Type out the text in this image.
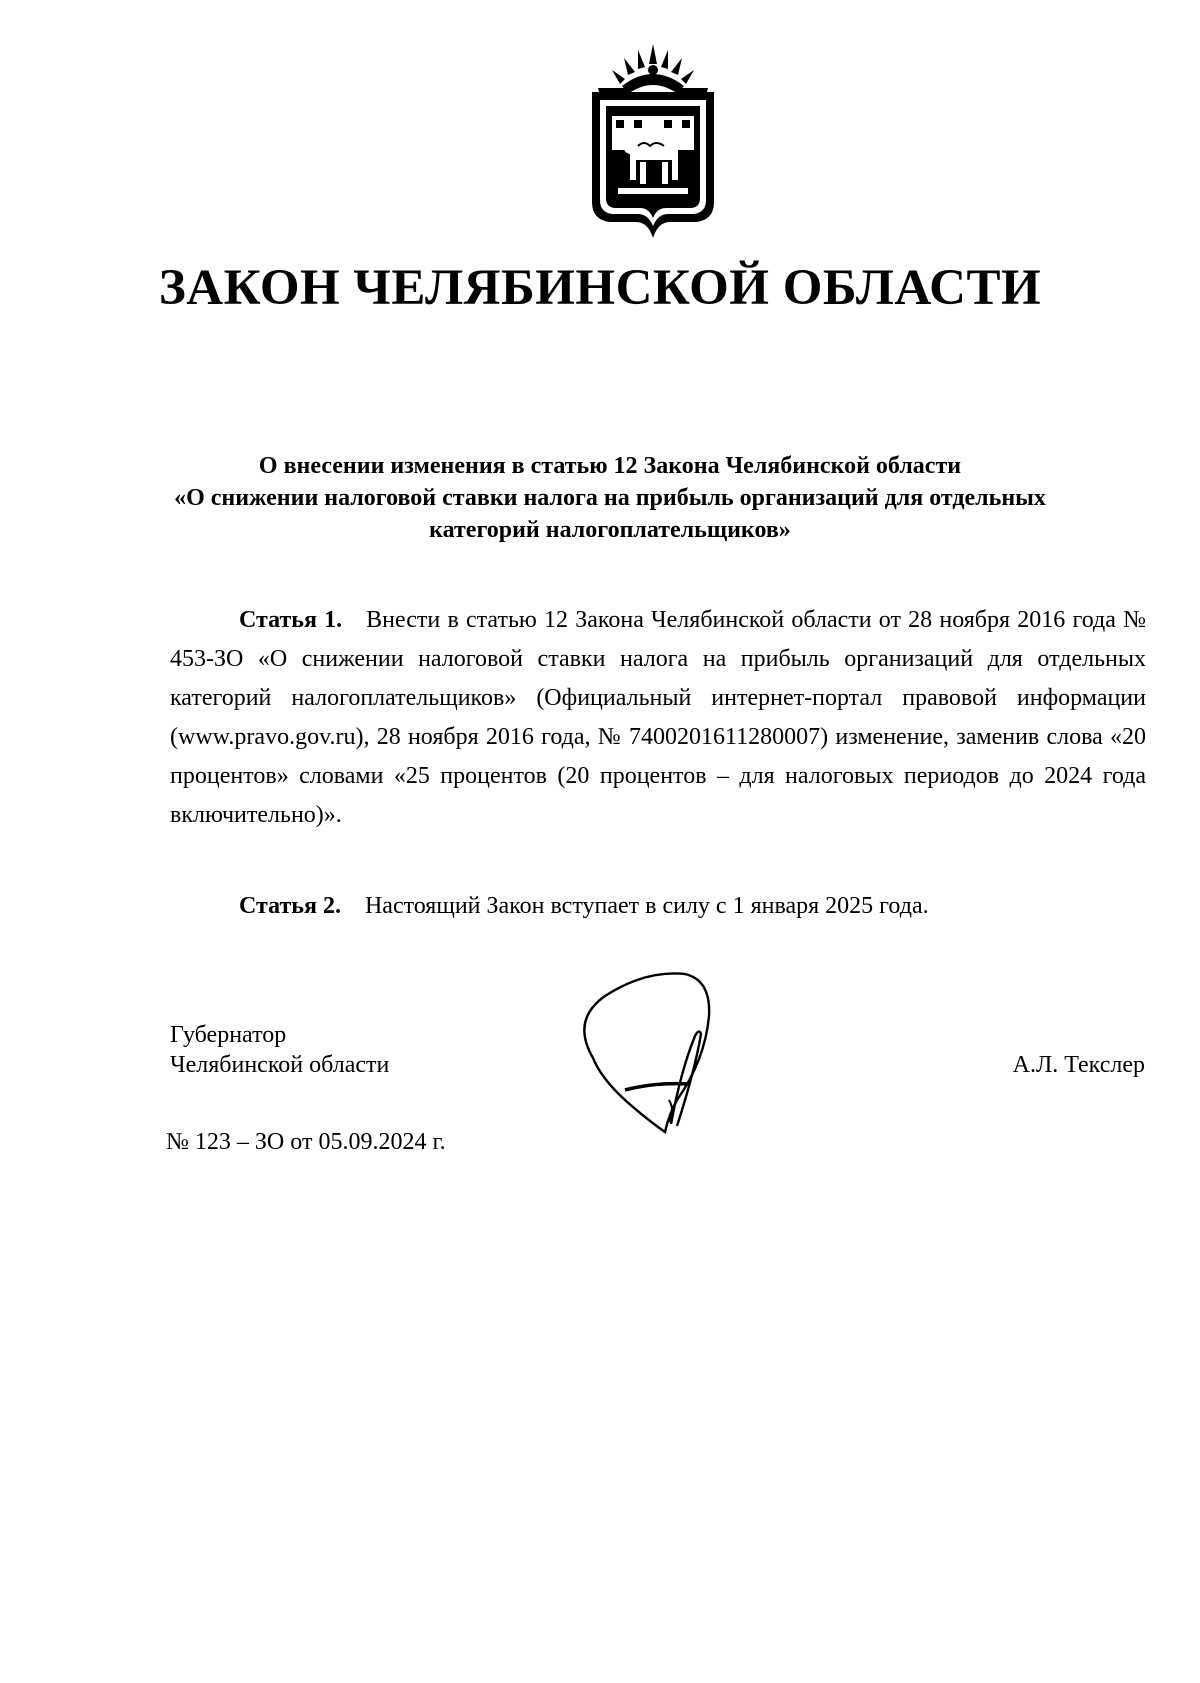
ЗАКОН ЧЕЛЯБИНСКОЙ ОБЛАСТИ
О внесении изменения в статью 12 Закона Челябинской области
«О снижении налоговой ставки налога на прибыль организаций для отдельных
категорий налогоплательщиков»
Статья 1. Внести в статью 12 Закона Челябинской области от 28 ноября 2016 года № 453-ЗО «О снижении налоговой ставки налога на прибыль организаций для отдельных категорий налогоплательщиков» (Официальный интернет-портал правовой информации (www.pravo.gov.ru), 28 ноября 2016 года, № 7400201611280007) изменение, заменив слова «20 процентов» словами «25 процентов (20 процентов – для налоговых периодов до 2024 года включительно)».
Статья 2. Настоящий Закон вступает в силу с 1 января 2025 года.
Губернатор
Челябинской области	А.Л. Текслер
№ 123 – ЗО от 05.09.2024 г.
